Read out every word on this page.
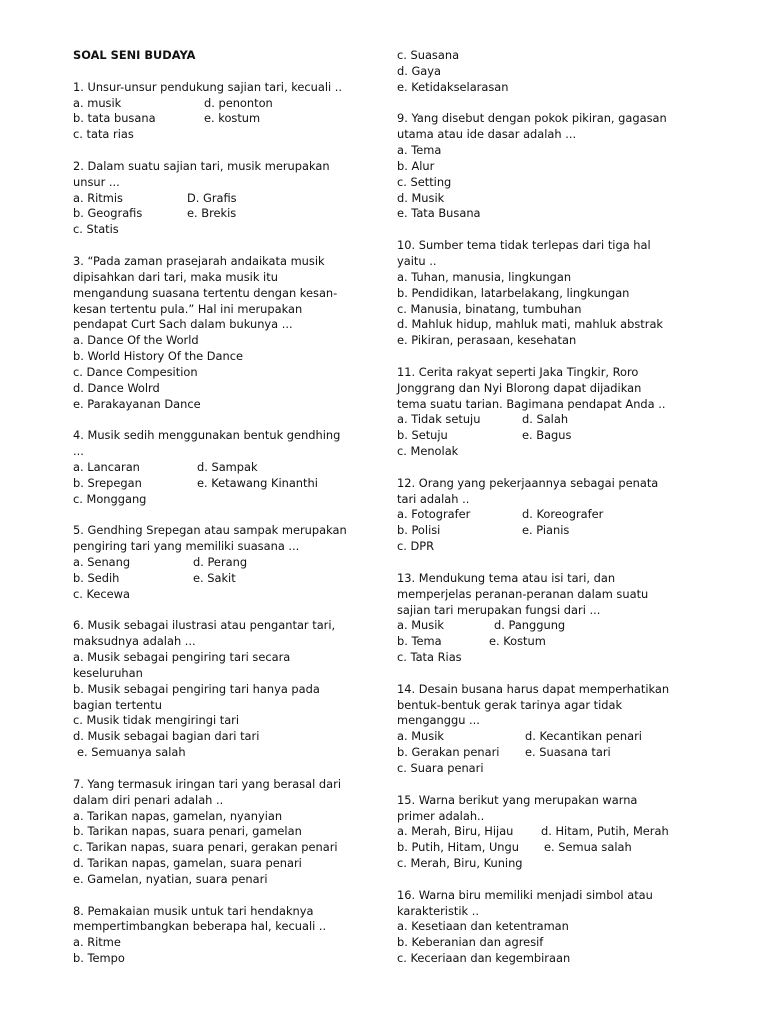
SOAL SENI BUDAYA
1. Unsur-unsur pendukung sajian tari, kecuali ..
a. musik	d. penonton
b. tata busana	e. kostum
c. tata rias
2. Dalam suatu sajian tari, musik merupakan
unsur ...
a. Ritmis	D. Grafis
b. Geografis	e. Brekis
c. Statis
3. “Pada zaman prasejarah andaikata musik
dipisahkan dari tari, maka musik itu
mengandung suasana tertentu dengan kesan-
kesan tertentu pula.” Hal ini merupakan
pendapat Curt Sach dalam bukunya ...
a. Dance Of the World
b. World History Of the Dance
c. Dance Compesition
d. Dance Wolrd
e. Parakayanan Dance
4. Musik sedih menggunakan bentuk gendhing
...
a. Lancaran	d. Sampak
b. Srepegan	e. Ketawang Kinanthi
c. Monggang
5. Gendhing Srepegan atau sampak merupakan
pengiring tari yang memiliki suasana ...
a. Senang	d. Perang
b. Sedih	e. Sakit
c. Kecewa
6. Musik sebagai ilustrasi atau pengantar tari,
maksudnya adalah ...
a. Musik sebagai pengiring tari secara
keseluruhan
b. Musik sebagai pengiring tari hanya pada
bagian tertentu
c. Musik tidak mengiringi tari
d. Musik sebagai bagian dari tari
e. Semuanya salah
7. Yang termasuk iringan tari yang berasal dari
dalam diri penari adalah ..
a. Tarikan napas, gamelan, nyanyian
b. Tarikan napas, suara penari, gamelan
c. Tarikan napas, suara penari, gerakan penari
d. Tarikan napas, gamelan, suara penari
e. Gamelan, nyatian, suara penari
8. Pemakaian musik untuk tari hendaknya
mempertimbangkan beberapa hal, kecuali ..
a. Ritme
b. Tempo
c. Suasana
d. Gaya
e. Ketidakselarasan
9. Yang disebut dengan pokok pikiran, gagasan
utama atau ide dasar adalah ...
a. Tema
b. Alur
c. Setting
d. Musik
e. Tata Busana
10. Sumber tema tidak terlepas dari tiga hal
yaitu ..
a. Tuhan, manusia, lingkungan
b. Pendidikan, latarbelakang, lingkungan
c. Manusia, binatang, tumbuhan
d. Mahluk hidup, mahluk mati, mahluk abstrak
e. Pikiran, perasaan, kesehatan
11. Cerita rakyat seperti Jaka Tingkir, Roro
Jonggrang dan Nyi Blorong dapat dijadikan
tema suatu tarian. Bagimana pendapat Anda ..
a. Tidak setuju	d. Salah
b. Setuju	e. Bagus
c. Menolak
12. Orang yang pekerjaannya sebagai penata
tari adalah ..
a. Fotografer	d. Koreografer
b. Polisi	e. Pianis
c. DPR
13. Mendukung tema atau isi tari, dan
memperjelas peranan-peranan dalam suatu
sajian tari merupakan fungsi dari ...
a. Musik	d. Panggung
b. Tema	e. Kostum
c. Tata Rias
14. Desain busana harus dapat memperhatikan
bentuk-bentuk gerak tarinya agar tidak
menganggu ...
a. Musik	d. Kecantikan penari
b. Gerakan penari	e. Suasana tari
c. Suara penari
15. Warna berikut yang merupakan warna
primer adalah..
a. Merah, Biru, Hijau	d. Hitam, Putih, Merah
b. Putih, Hitam, Ungu	e. Semua salah
c. Merah, Biru, Kuning
16. Warna biru memiliki menjadi simbol atau
karakteristik ..
a. Kesetiaan dan ketentraman
b. Keberanian dan agresif
c. Keceriaan dan kegembiraan
